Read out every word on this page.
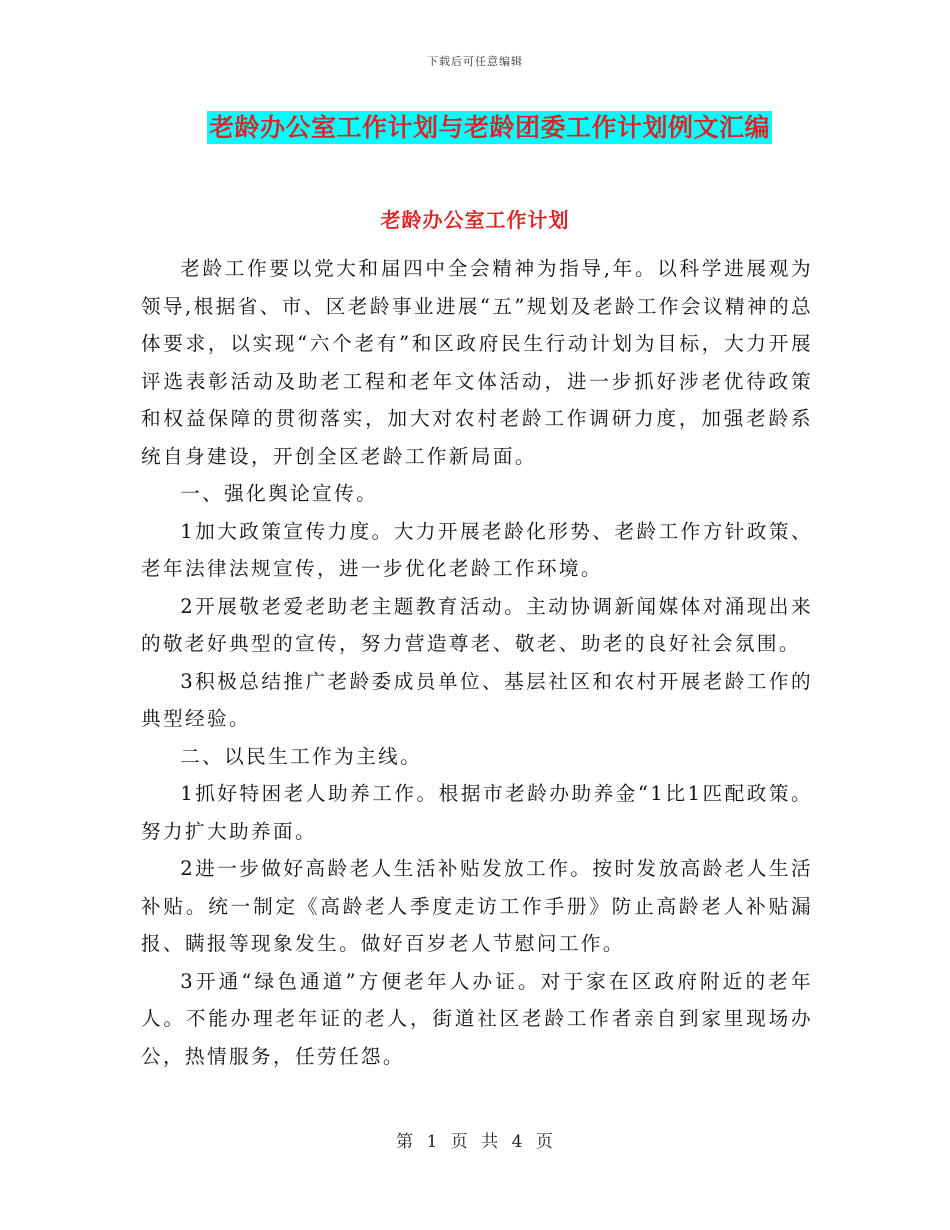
下载后可任意编辑
老龄办公室工作计划与老龄团委工作计划例文汇编
老龄办公室工作计划

老龄工作要以党大和届四中全会精神为指导,年。以科学进展观为领导,根据省、市、区老龄事业进展“五”规划及老龄工作会议精神的总体要求，以实现“六个老有”和区政府民生行动计划为目标，大力开展评选表彰活动及助老工程和老年文体活动，进一步抓好涉老优待政策和权益保障的贯彻落实，加大对农村老龄工作调研力度，加强老龄系统自身建设，开创全区老龄工作新局面。

一、强化舆论宣传。

1加大政策宣传力度。大力开展老龄化形势、老龄工作方针政策、老年法律法规宣传，进一步优化老龄工作环境。

2开展敬老爱老助老主题教育活动。主动协调新闻媒体对涌现出来的敬老好典型的宣传，努力营造尊老、敬老、助老的良好社会氛围。

3积极总结推广老龄委成员单位、基层社区和农村开展老龄工作的典型经验。

二、以民生工作为主线。

1抓好特困老人助养工作。根据市老龄办助养金“1比1匹配政策。努力扩大助养面。

2进一步做好高龄老人生活补贴发放工作。按时发放高龄老人生活补贴。统一制定《高龄老人季度走访工作手册》防止高龄老人补贴漏报、瞒报等现象发生。做好百岁老人节慰问工作。

3开通“绿色通道”方便老年人办证。对于家在区政府附近的老年人。不能办理老年证的老人，街道社区老龄工作者亲自到家里现场办公，热情服务，任劳任怨。

第 1 页 共 4 页
